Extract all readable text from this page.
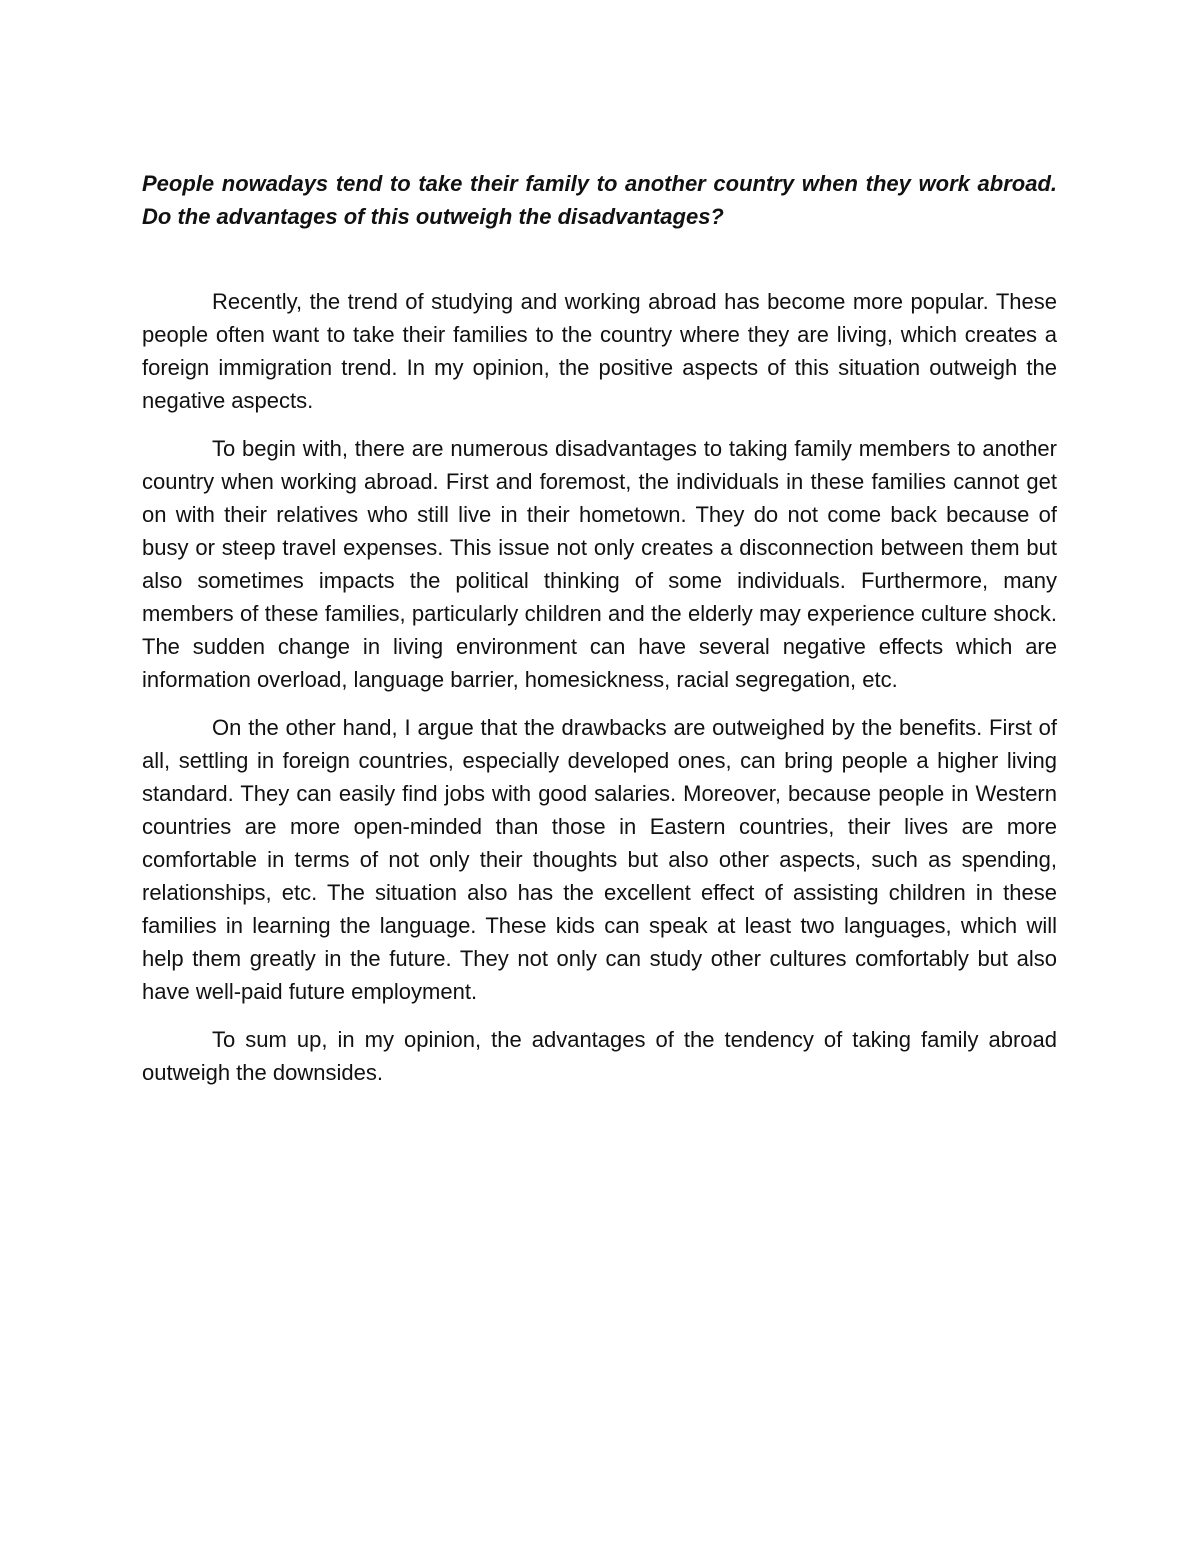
People nowadays tend to take their family to another country when they work abroad. Do the advantages of this outweigh the disadvantages?

Recently, the trend of studying and working abroad has become more popular. These people often want to take their families to the country where they are living, which creates a foreign immigration trend. In my opinion, the positive aspects of this situation outweigh the negative aspects.

To begin with, there are numerous disadvantages to taking family members to another country when working abroad. First and foremost, the individuals in these families cannot get on with their relatives who still live in their hometown. They do not come back because of busy or steep travel expenses. This issue not only creates a disconnection between them but also sometimes impacts the political thinking of some individuals. Furthermore, many members of these families, particularly children and the elderly may experience culture shock. The sudden change in living environment can have several negative effects which are information overload, language barrier, homesickness, racial segregation, etc.

On the other hand, I argue that the drawbacks are outweighed by the benefits. First of all, settling in foreign countries, especially developed ones, can bring people a higher living standard. They can easily find jobs with good salaries. Moreover, because people in Western countries are more open-minded than those in Eastern countries, their lives are more comfortable in terms of not only their thoughts but also other aspects, such as spending, relationships, etc. The situation also has the excellent effect of assisting children in these families in learning the language. These kids can speak at least two languages, which will help them greatly in the future. They not only can study other cultures comfortably but also have well-paid future employment.

To sum up, in my opinion, the advantages of the tendency of taking family abroad outweigh the downsides.
